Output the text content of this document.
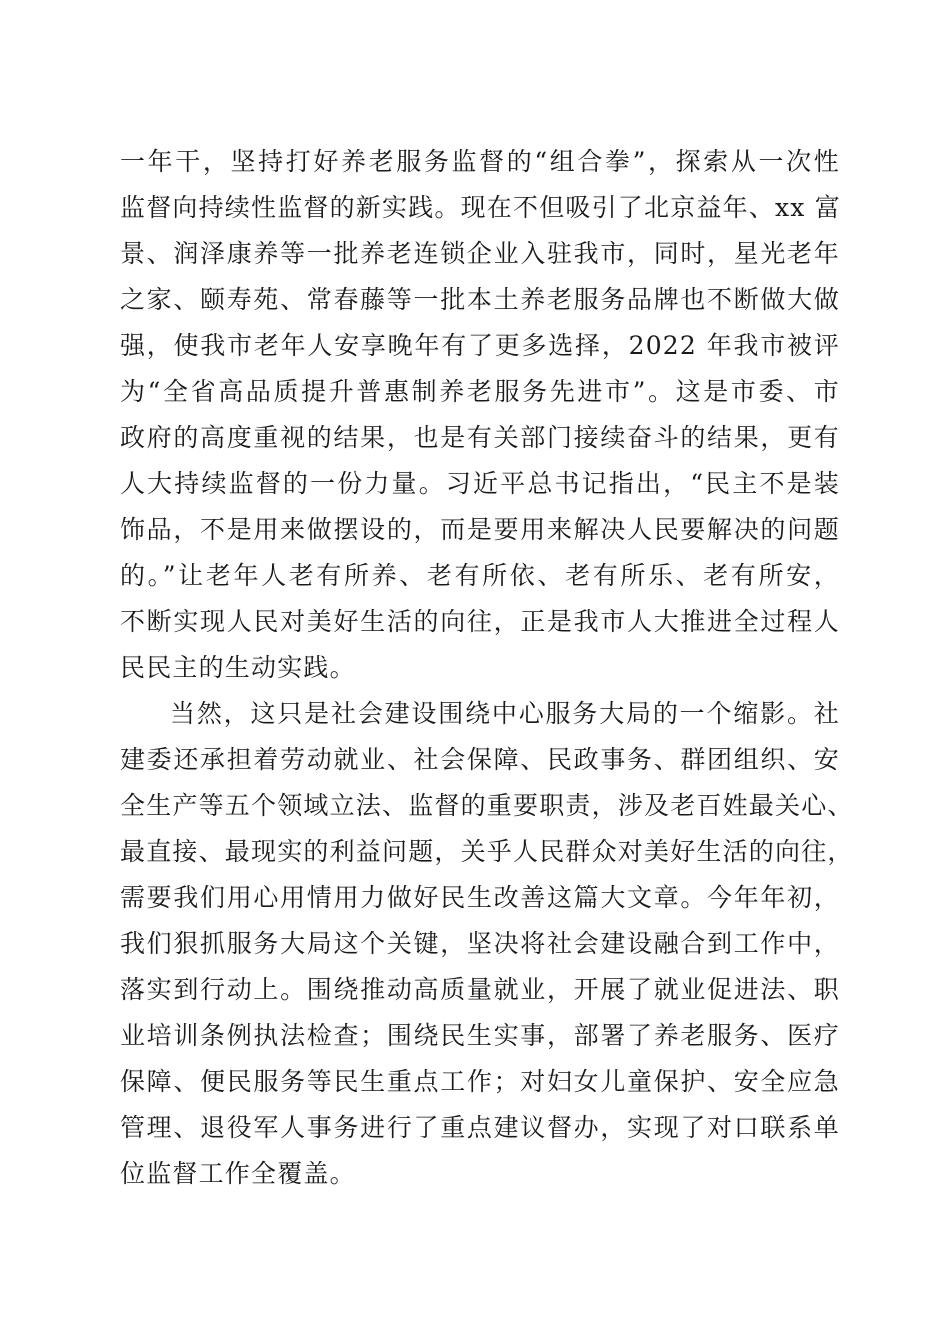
一年干，坚持打好养老服务监督的“组合拳”，探索从一次性
监督向持续性监督的新实践。现在不但吸引了北京益年、xx 富
景、润泽康养等一批养老连锁企业入驻我市，同时，星光老年
之家、颐寿苑、常春藤等一批本土养老服务品牌也不断做大做
强，使我市老年人安享晚年有了更多选择，2022 年我市被评
为“全省高品质提升普惠制养老服务先进市”。这是市委、市
政府的高度重视的结果，也是有关部门接续奋斗的结果，更有
人大持续监督的一份力量。习近平总书记指出，“民主不是装
饰品，不是用来做摆设的，而是要用来解决人民要解决的问题
的。”让老年人老有所养、老有所依、老有所乐、老有所安，
不断实现人民对美好生活的向往，正是我市人大推进全过程人
民民主的生动实践。
当然，这只是社会建设围绕中心服务大局的一个缩影。社
建委还承担着劳动就业、社会保障、民政事务、群团组织、安
全生产等五个领域立法、监督的重要职责，涉及老百姓最关心、
最直接、最现实的利益问题，关乎人民群众对美好生活的向往，
需要我们用心用情用力做好民生改善这篇大文章。今年年初，
我们狠抓服务大局这个关键，坚决将社会建设融合到工作中，
落实到行动上。围绕推动高质量就业，开展了就业促进法、职
业培训条例执法检查；围绕民生实事，部署了养老服务、医疗
保障、便民服务等民生重点工作；对妇女儿童保护、安全应急
管理、退役军人事务进行了重点建议督办，实现了对口联系单
位监督工作全覆盖。
